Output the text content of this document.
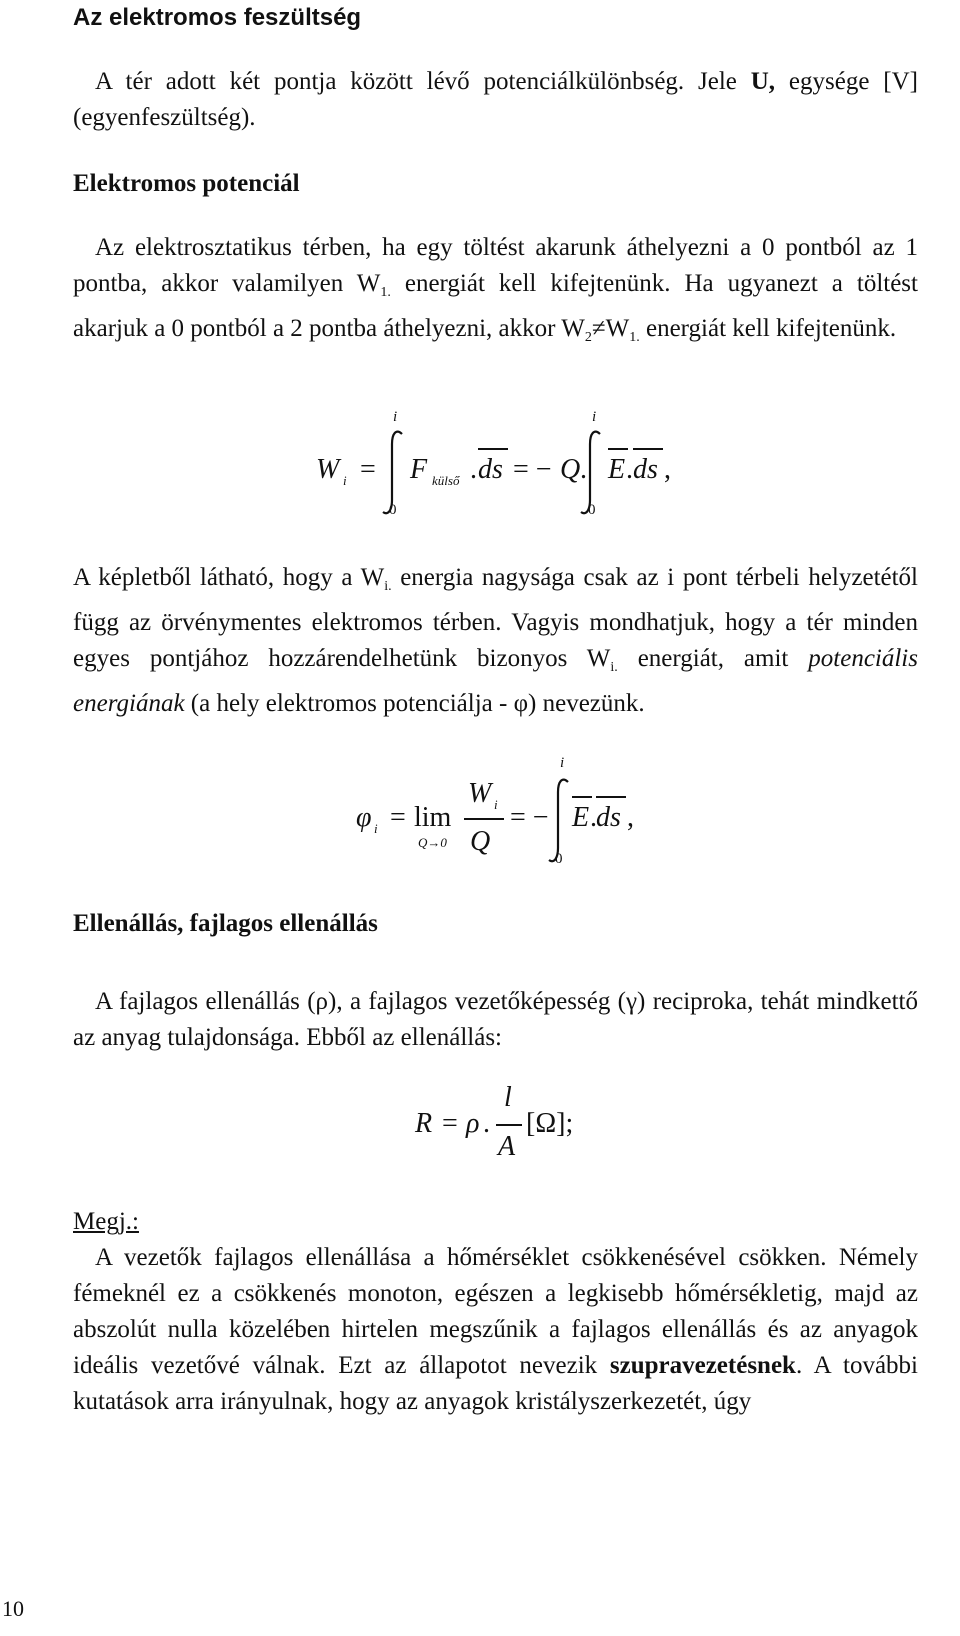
Az elektromos feszültség

A tér adott két pontja között lévő potenciálkülönbség. Jele U, egysége [V] (egyenfeszültség).

Elektromos potenciál

Az elektrosztatikus térben, ha egy töltést akarunk áthelyezni a 0 pontból az 1 pontba, akkor valamilyen $W_{1.}$ energiát kell kifejtenünk. Ha ugyanezt a töltést akarjuk a 0 pontból a 2 pontba áthelyezni, akkor $W_2\ne W_{1.}$ energiát kell kifejtenünk.

W i =
i
0
F külső . ds = − Q .
i
0
E . ds ,

A képletből látható, hogy a $W_{i.}$ energia nagysága csak az i pont térbeli helyzetétől függ az örvénymentes elektromos térben. Vagyis mondhatjuk, hogy a tér minden egyes pontjához hozzárendelhetünk bizonyos $W_{i.}$ energiát, amit potenciális energiának (a hely elektromos potenciálja - φ) nevezünk.

φ i = lim
Q→0
W i
Q
= −
i
0
E . ds ,
Ellenállás, fajlagos ellenállás

A fajlagos ellenállás (ρ), a fajlagos vezetőképesség (γ) reciproka, tehát mindkettő az anyag tulajdonsága. Ebből az ellenállás:

R = ρ .
l
A
[Ω];
Megj.:

A vezetők fajlagos ellenállása a hőmérséklet csökkenésével csökken. Némely fémeknél ez a csökkenés monoton, egészen a legkisebb hőmérsékletig, majd az abszolút nulla közelében hirtelen megszűnik a fajlagos ellenállás és az anyagok ideális vezetővé válnak. Ezt az állapotot nevezik szupravezetésnek. A további kutatások arra irányulnak, hogy az anyagok kristályszerkezetét, úgy

10
